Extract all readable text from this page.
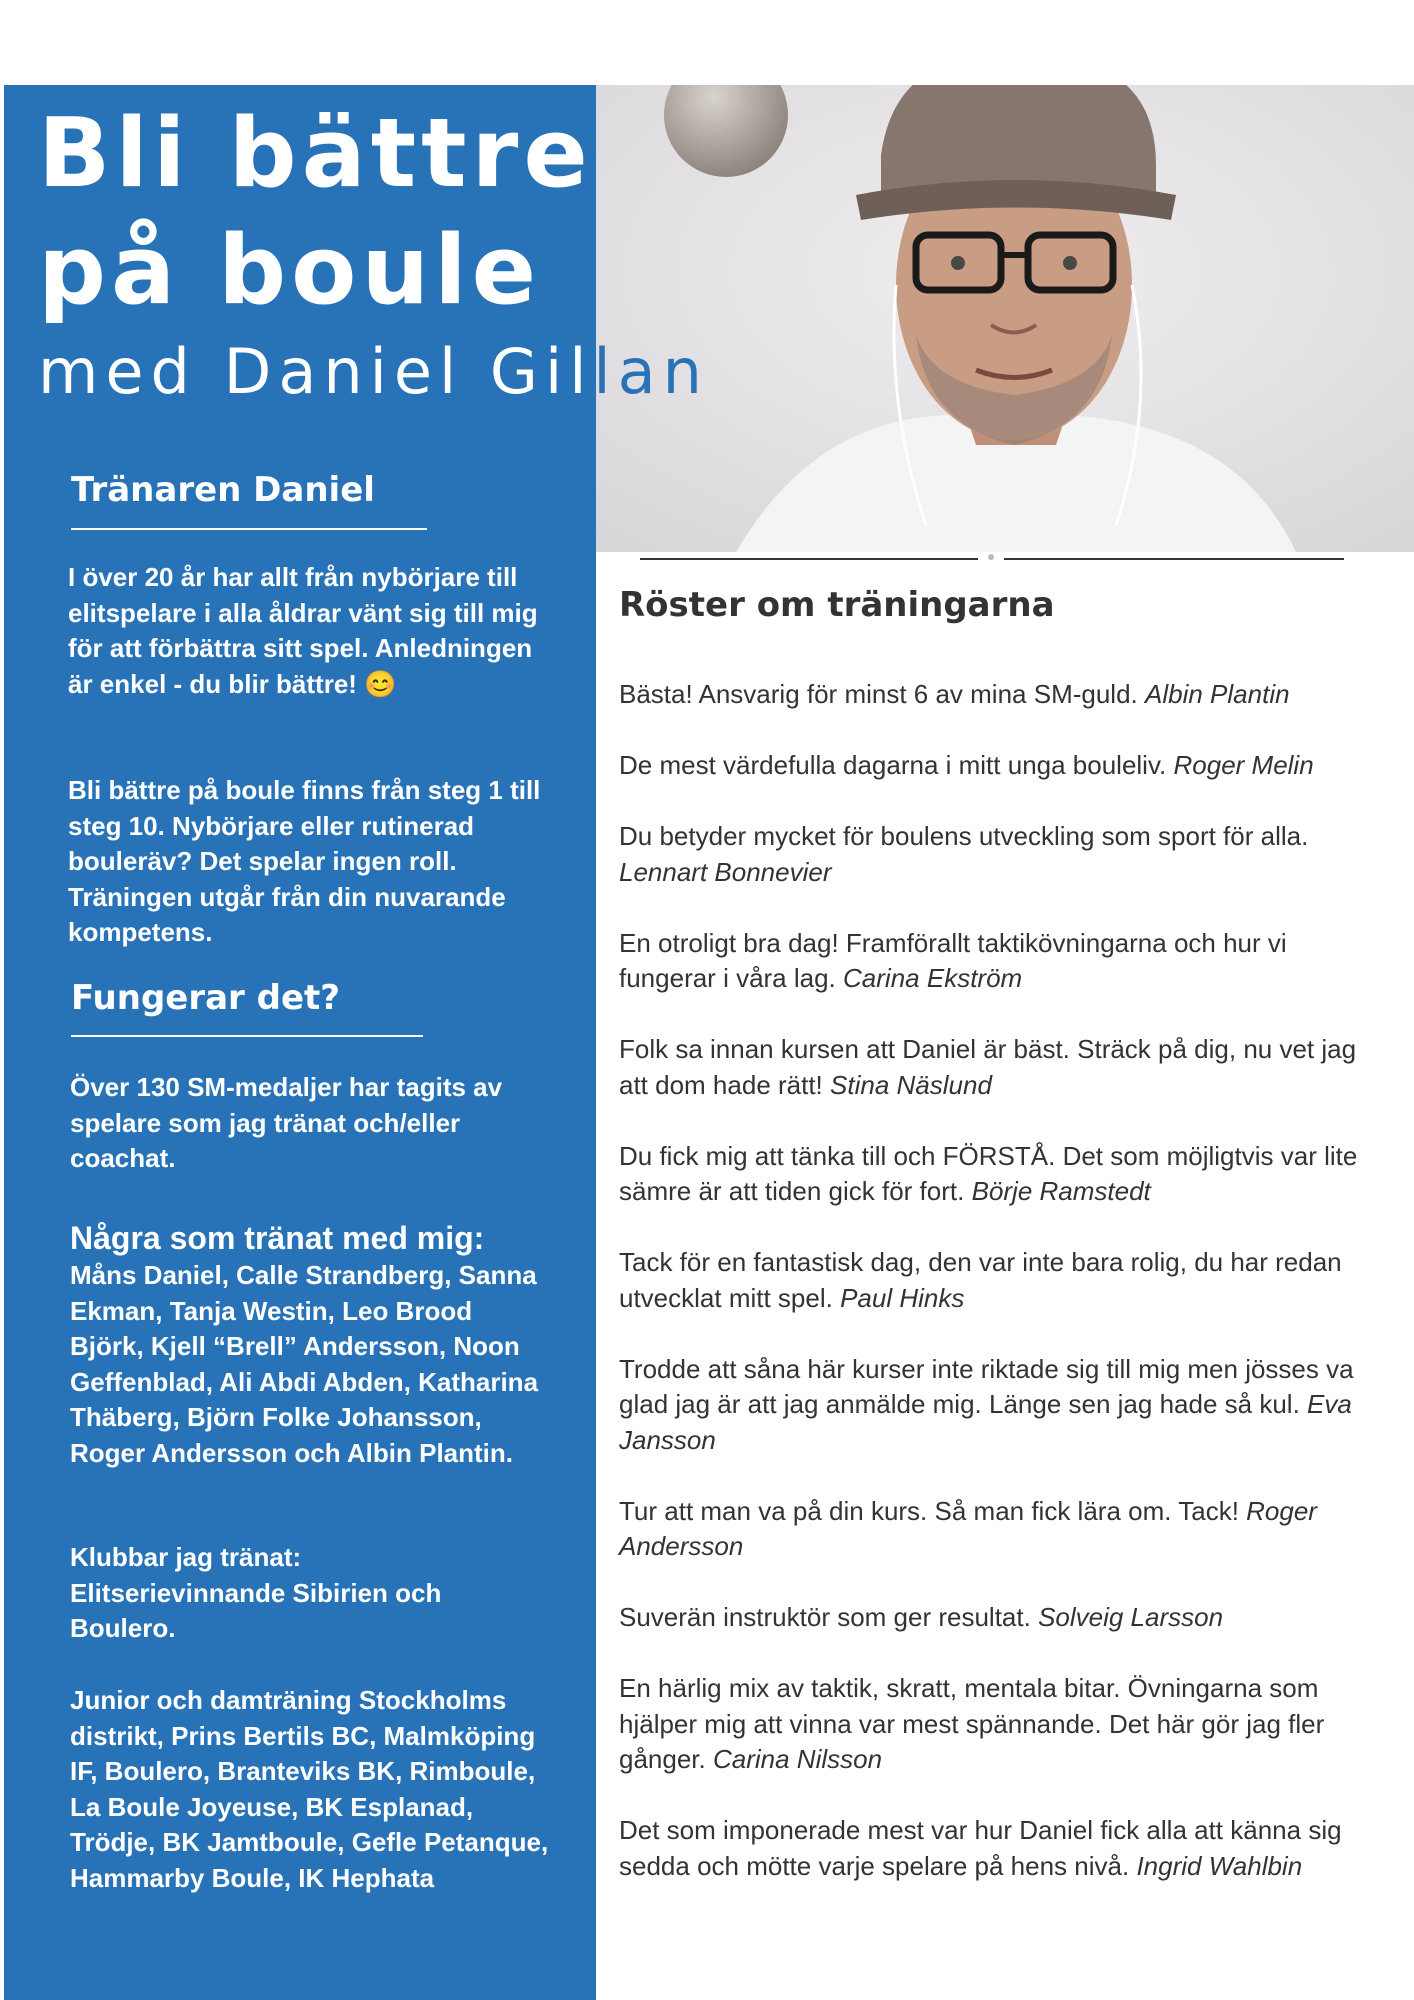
Bli bättre
på boule
med Daniel Gillan
Tränaren Daniel
I över 20 år har allt från nybörjare till elitspelare i alla åldrar vänt sig till mig för att förbättra sitt spel. Anledningen är enkel - du blir bättre! 😊
Bli bättre på boule finns från steg 1 till steg 10. Nybörjare eller rutinerad bouleräv? Det spelar ingen roll. Träningen utgår från din nuvarande kompetens.
Fungerar det?
Över 130 SM-medaljer har tagits av spelare som jag tränat och/eller coachat.
Några som tränat med mig:
Måns Daniel, Calle Strandberg, Sanna Ekman, Tanja Westin, Leo Brood Björk, Kjell “Brell” Andersson, Noon Geffenblad, Ali Abdi Abden, Katharina Thäberg, Björn Folke Johansson, Roger Andersson och Albin Plantin.
Klubbar jag tränat:
Elitserievinnande Sibirien och Boulero.
Junior och damträning Stockholms distrikt, Prins Bertils BC, Malmköping IF, Boulero, Branteviks BK, Rimboule, La Boule Joyeuse, BK Esplanad, Trödje, BK Jamtboule, Gefle Petanque, Hammarby Boule, IK Hephata
Röster om träningarna
Bästa! Ansvarig för minst 6 av mina SM-guld. Albin Plantin
De mest värdefulla dagarna i mitt unga bouleliv. Roger Melin
Du betyder mycket för boulens utveckling som sport för alla. Lennart Bonnevier
En otroligt bra dag! Framförallt taktikövningarna och hur vi fungerar i våra lag. Carina Ekström
Folk sa innan kursen att Daniel är bäst. Sträck på dig, nu vet jag att dom hade rätt! Stina Näslund
Du fick mig att tänka till och FÖRSTÅ. Det som möjligtvis var lite sämre är att tiden gick för fort. Börje Ramstedt
Tack för en fantastisk dag, den var inte bara rolig, du har redan utvecklat mitt spel. Paul Hinks
Trodde att såna här kurser inte riktade sig till mig men jösses va glad jag är att jag anmälde mig. Länge sen jag hade så kul. Eva Jansson
Tur att man va på din kurs. Så man fick lära om. Tack! Roger Andersson
Suverän instruktör som ger resultat. Solveig Larsson
En härlig mix av taktik, skratt, mentala bitar. Övningarna som hjälper mig att vinna var mest spännande. Det här gör jag fler gånger. Carina Nilsson
Det som imponerade mest var hur Daniel fick alla att känna sig sedda och mötte varje spelare på hens nivå. Ingrid Wahlbin
